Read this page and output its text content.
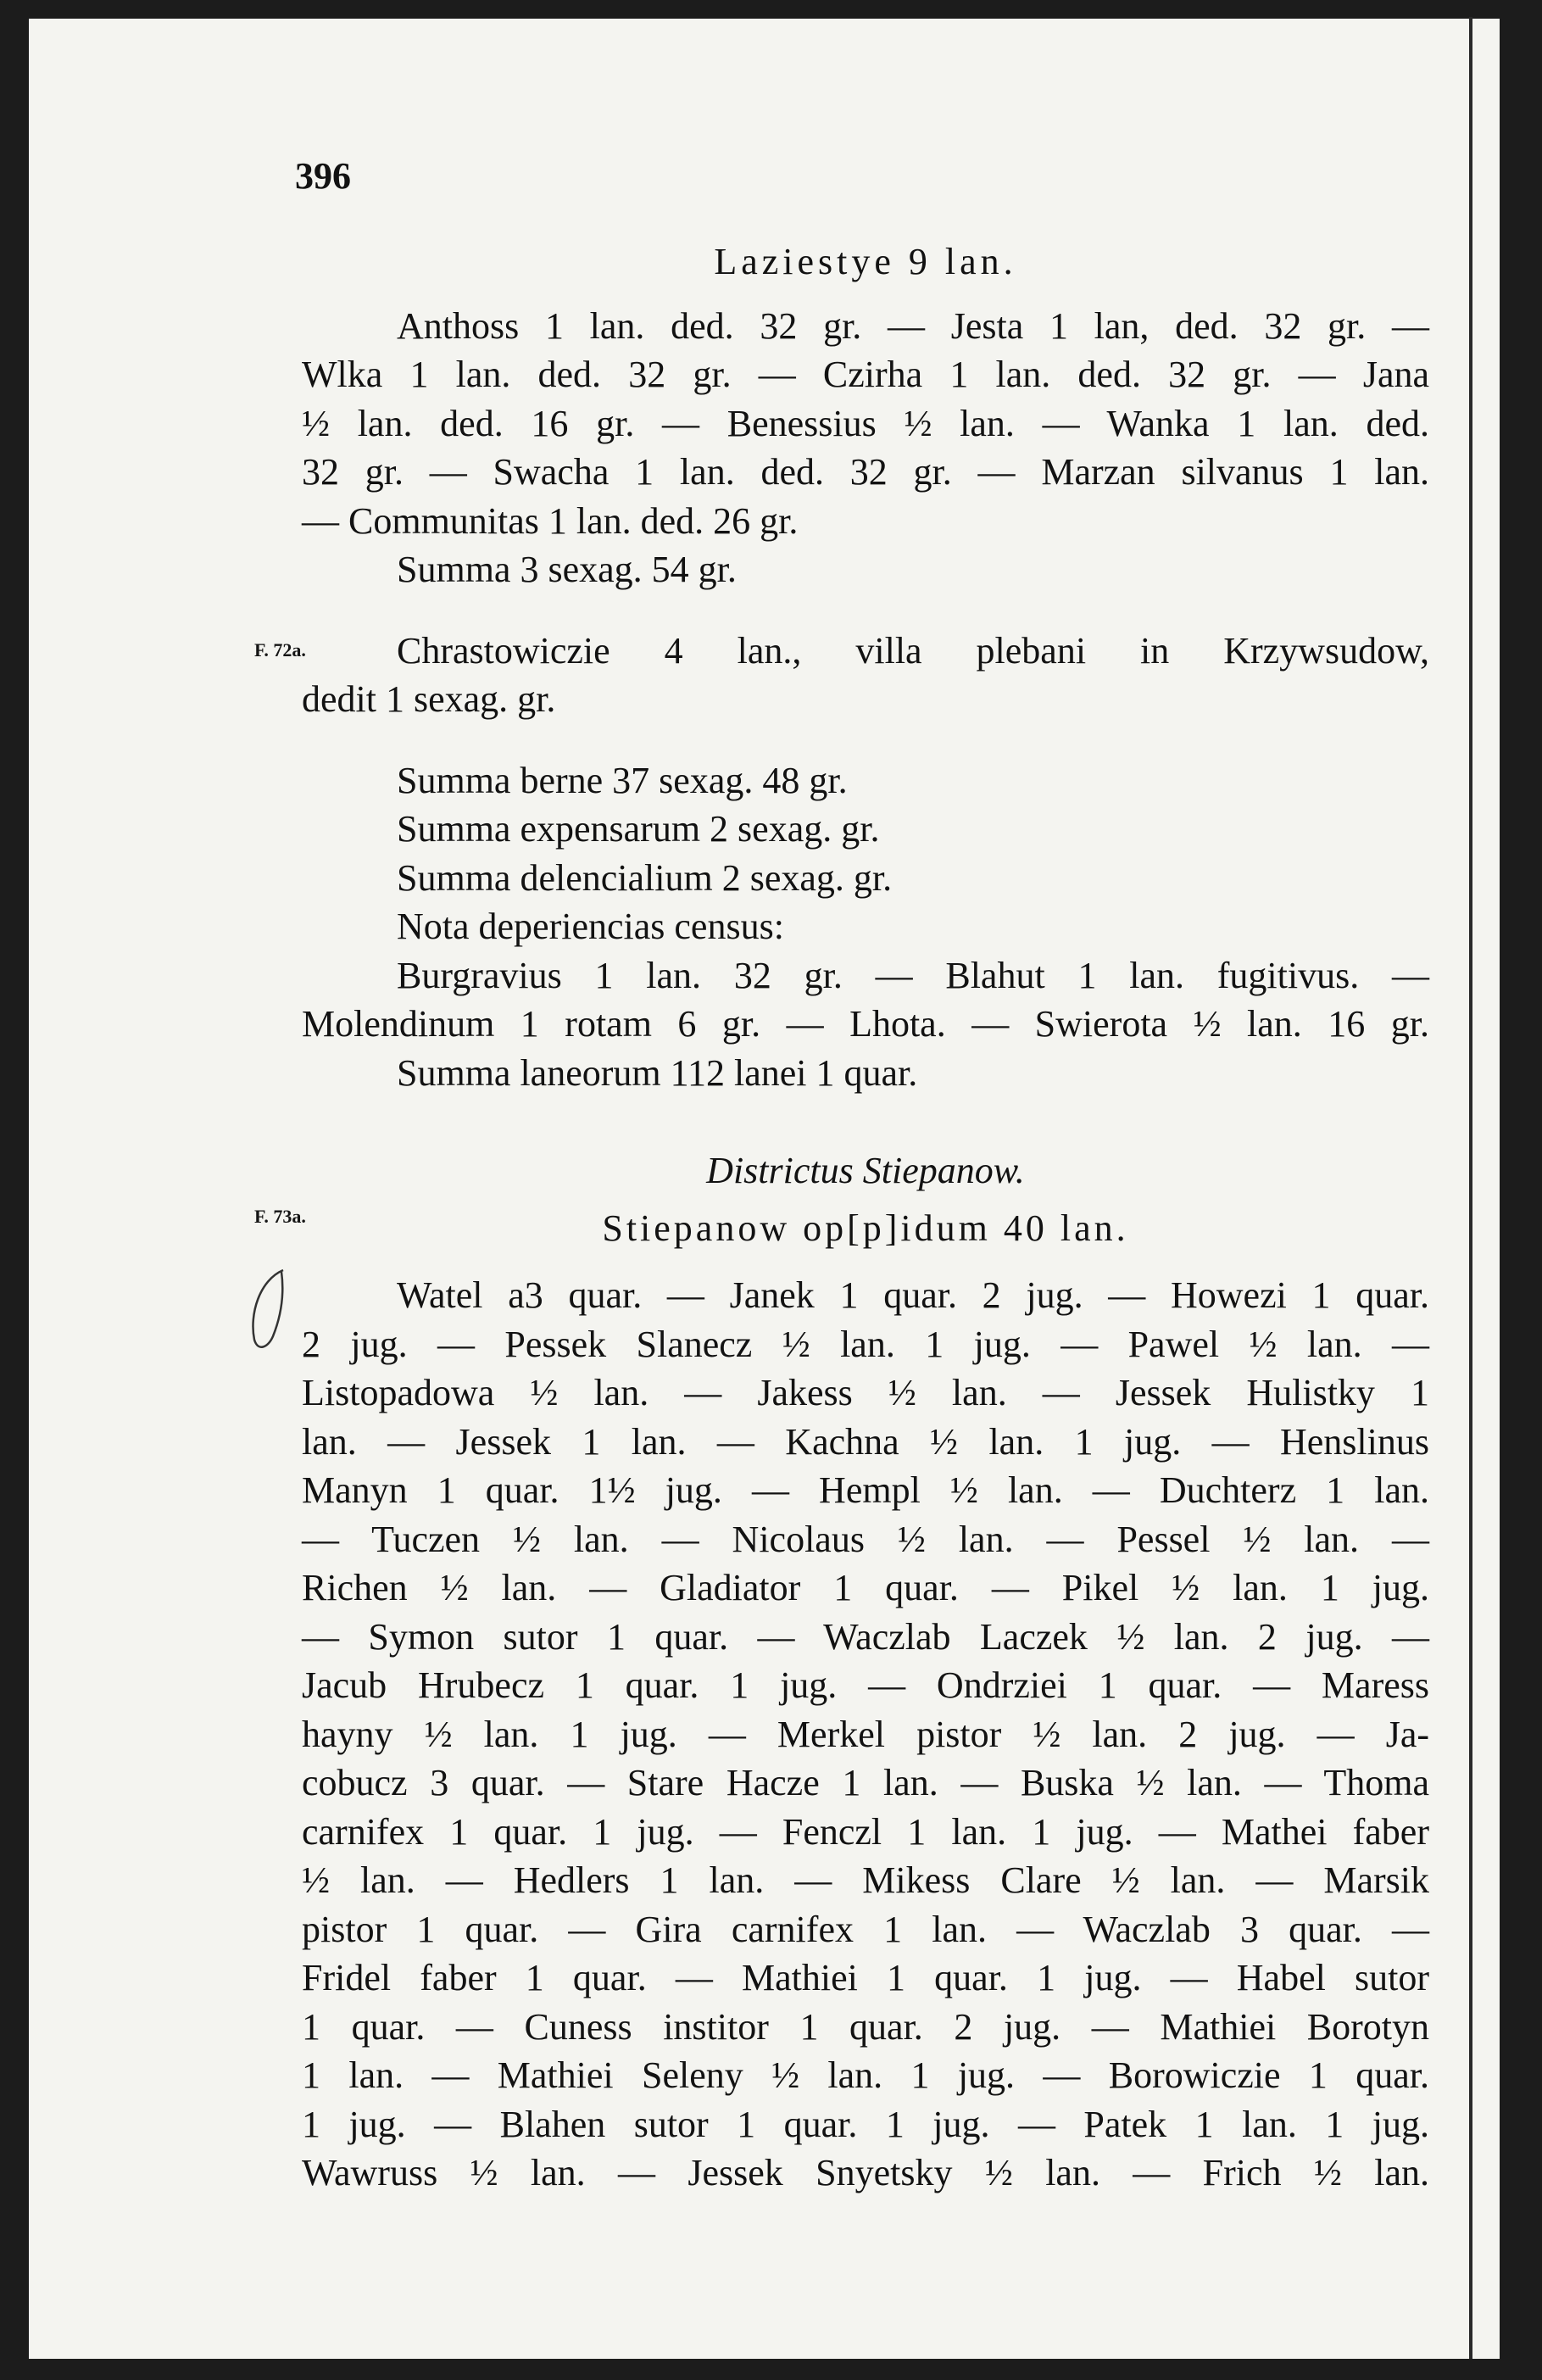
396
F. 72a.
F. 73a.
Laziestye 9 lan.
Anthoss 1 lan. ded. 32 gr. — Jesta 1 lan, ded. 32 gr. —
Wlka 1 lan. ded. 32 gr. — Czirha 1 lan. ded. 32 gr. — Jana
½ lan. ded. 16 gr. — Benessius ½ lan. — Wanka 1 lan. ded.
32 gr. — Swacha 1 lan. ded. 32 gr. — Marzan silvanus 1 lan.
— Communitas 1 lan. ded. 26 gr.
Summa 3 sexag. 54 gr.
Chrastowiczie 4 lan., villa plebani in Krzywsudow,
dedit 1 sexag. gr.
Summa berne 37 sexag. 48 gr.
Summa expensarum 2 sexag. gr.
Summa delencialium 2 sexag. gr.
Nota deperiencias census:
Burgravius 1 lan. 32 gr. — Blahut 1 lan. fugitivus. —
Molendinum 1 rotam 6 gr. — Lhota. — Swierota ½ lan. 16 gr.
Summa laneorum 112 lanei 1 quar.
Districtus Stiepanow.
Stiepanow op[p]idum 40 lan.
Watel a3 quar. — Janek 1 quar. 2 jug. — Howezi 1 quar.
2 jug. — Pessek Slanecz ½ lan. 1 jug. — Pawel ½ lan. —
Listopadowa ½ lan. — Jakess ½ lan. — Jessek Hulistky 1
lan. — Jessek 1 lan. — Kachna ½ lan. 1 jug. — Henslinus
Manyn 1 quar. 1½ jug. — Hempl ½ lan. — Duchterz 1 lan.
— Tuczen ½ lan. — Nicolaus ½ lan. — Pessel ½ lan. —
Richen ½ lan. — Gladiator 1 quar. — Pikel ½ lan. 1 jug.
— Symon sutor 1 quar. — Waczlab Laczek ½ lan. 2 jug. —
Jacub Hrubecz 1 quar. 1 jug. — Ondrziei 1 quar. — Maress
hayny ½ lan. 1 jug. — Merkel pistor ½ lan. 2 jug. — Ja-
cobucz 3 quar. — Stare Hacze 1 lan. — Buska ½ lan. — Thoma
carnifex 1 quar. 1 jug. — Fenczl 1 lan. 1 jug. — Mathei faber
½ lan. — Hedlers 1 lan. — Mikess Clare ½ lan. — Marsik
pistor 1 quar. — Gira carnifex 1 lan. — Waczlab 3 quar. —
Fridel faber 1 quar. — Mathiei 1 quar. 1 jug. — Habel sutor
1 quar. — Cuness institor 1 quar. 2 jug. — Mathiei Borotyn
1 lan. — Mathiei Seleny ½ lan. 1 jug. — Borowiczie 1 quar.
1 jug. — Blahen sutor 1 quar. 1 jug. — Patek 1 lan. 1 jug.
Wawruss ½ lan. — Jessek Snyetsky ½ lan. — Frich ½ lan.
